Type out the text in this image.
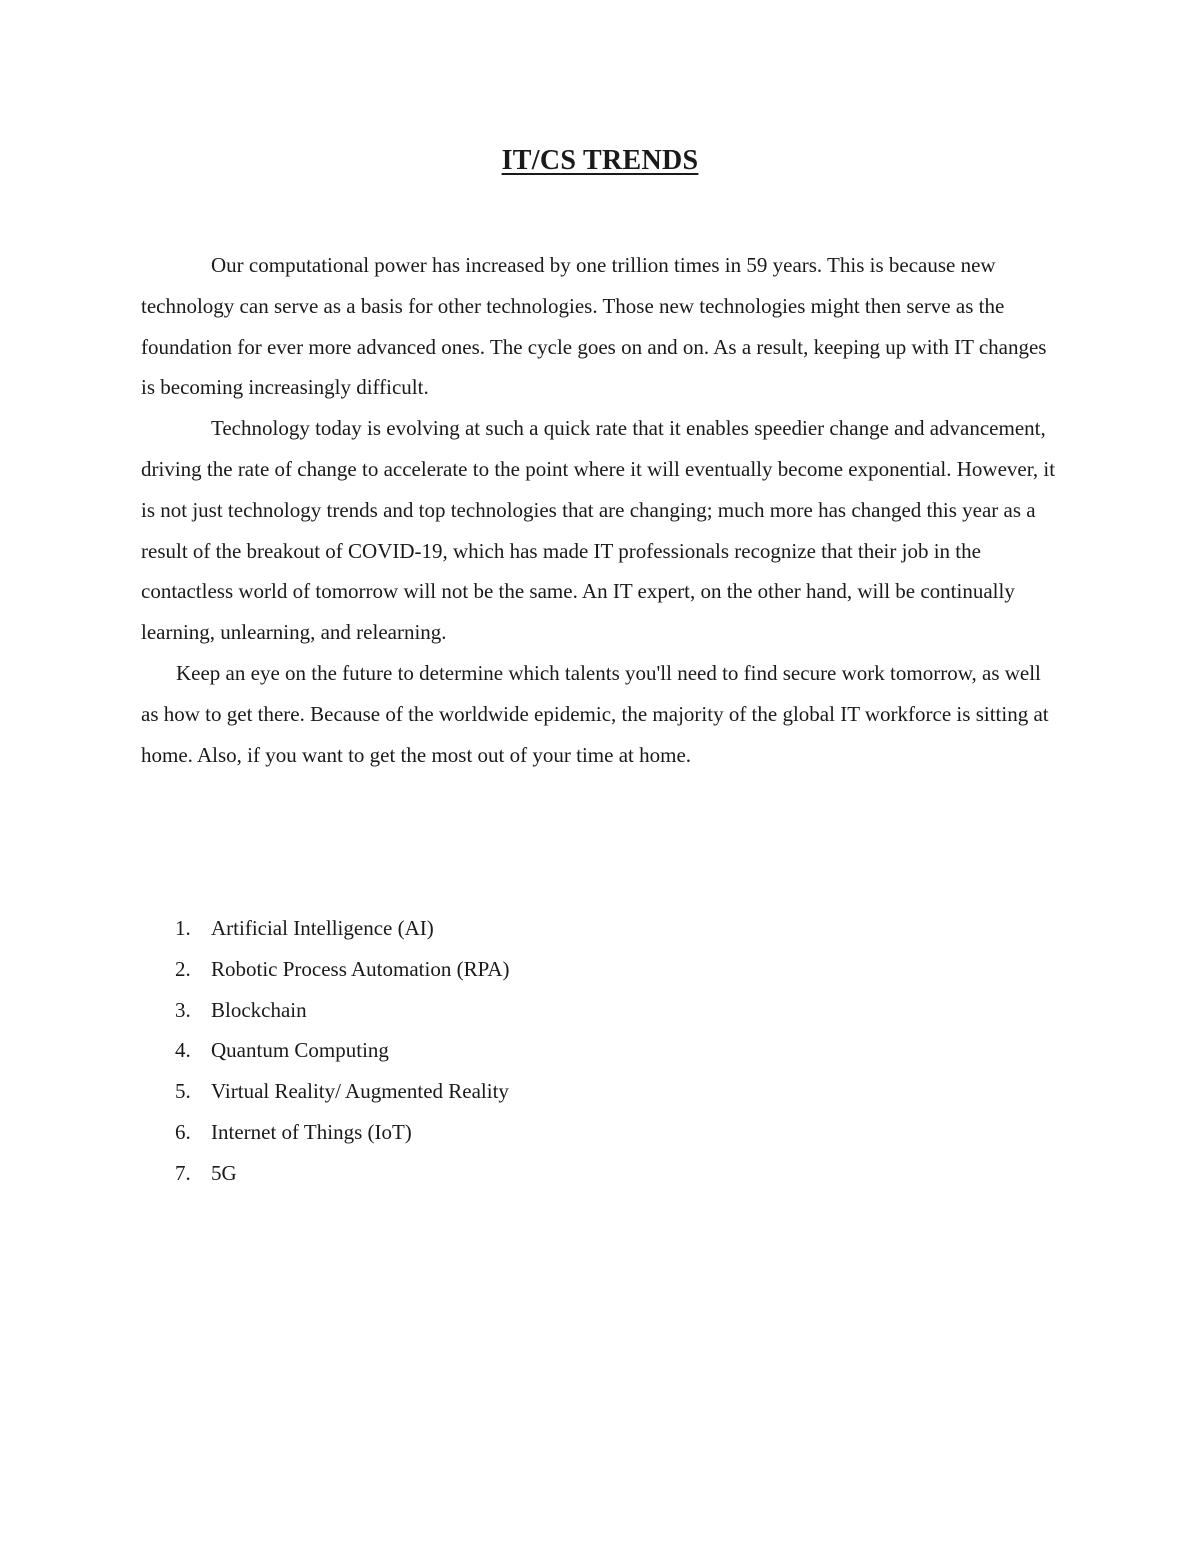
IT/CS TRENDS

Our computational power has increased by one trillion times in 59 years. This is because new technology can serve as a basis for other technologies. Those new technologies might then serve as the foundation for ever more advanced ones. The cycle goes on and on. As a result, keeping up with IT changes is becoming increasingly difficult.

Technology today is evolving at such a quick rate that it enables speedier change and advancement, driving the rate of change to accelerate to the point where it will eventually become exponential. However, it is not just technology trends and top technologies that are changing; much more has changed this year as a result of the breakout of COVID-19, which has made IT professionals recognize that their job in the contactless world of tomorrow will not be the same. An IT expert, on the other hand, will be continually learning, unlearning, and relearning.

Keep an eye on the future to determine which talents you'll need to find secure work tomorrow, as well as how to get there. Because of the worldwide epidemic, the majority of the global IT workforce is sitting at home. Also, if you want to get the most out of your time at home.

1. Artificial Intelligence (AI)
2. Robotic Process Automation (RPA)
3. Blockchain
4. Quantum Computing
5. Virtual Reality/ Augmented Reality
6. Internet of Things (IoT)
7. 5G
